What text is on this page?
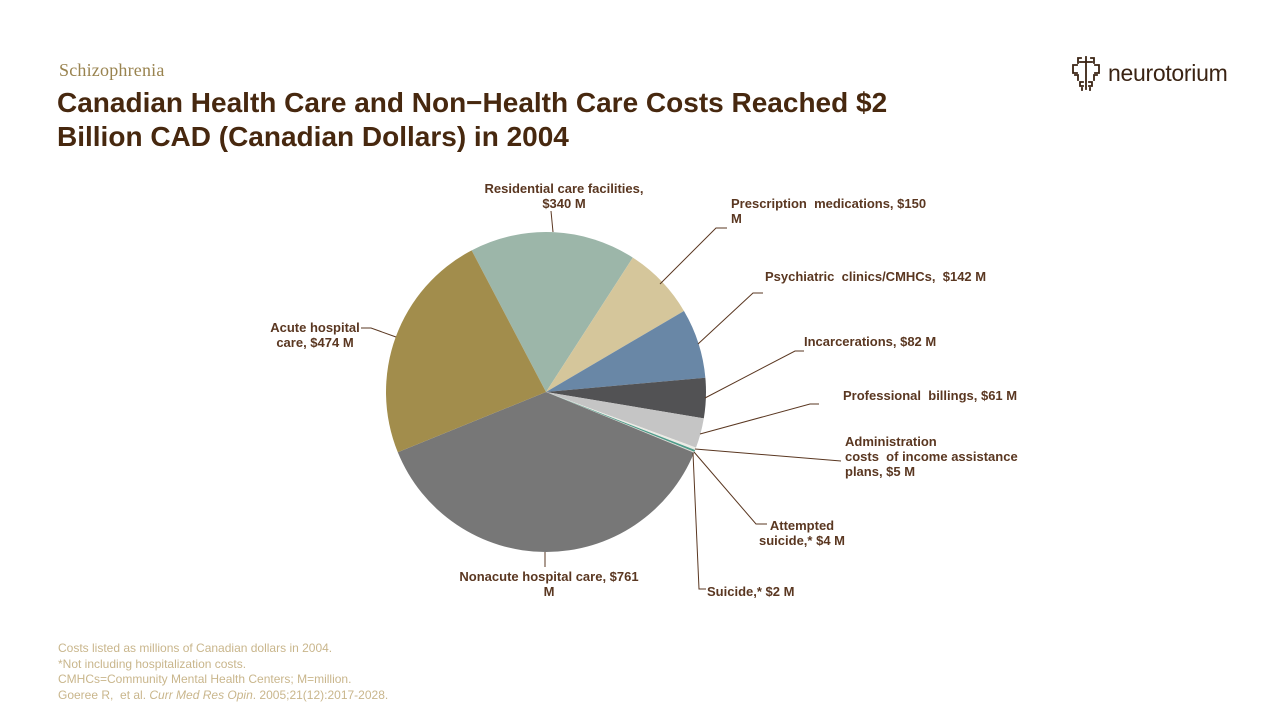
Schizophrenia
Canadian Health Care and Non−Health Care Costs Reached $2
Billion CAD (Canadian Dollars) in 2004
neurotorium
Residential care facilities,
$340 M	Prescription  medications, $150
M
Psychiatric  clinics/CMHCs,  $142 M
Incarcerations, $82 M
Professional  billings, $61 M
Administration
costs  of income assistance
plans, $5 M
Attempted
suicide,* $4 M
Suicide,* $2 M
Nonacute hospital care, $761
M
Acute hospital
care, $474 M
Costs listed as millions of Canadian dollars in 2004.
*Not including hospitalization costs.
CMHCs=Community Mental Health Centers; M=million.
Goeree R,  et al. Curr Med Res Opin. 2005;21(12):2017-2028.
